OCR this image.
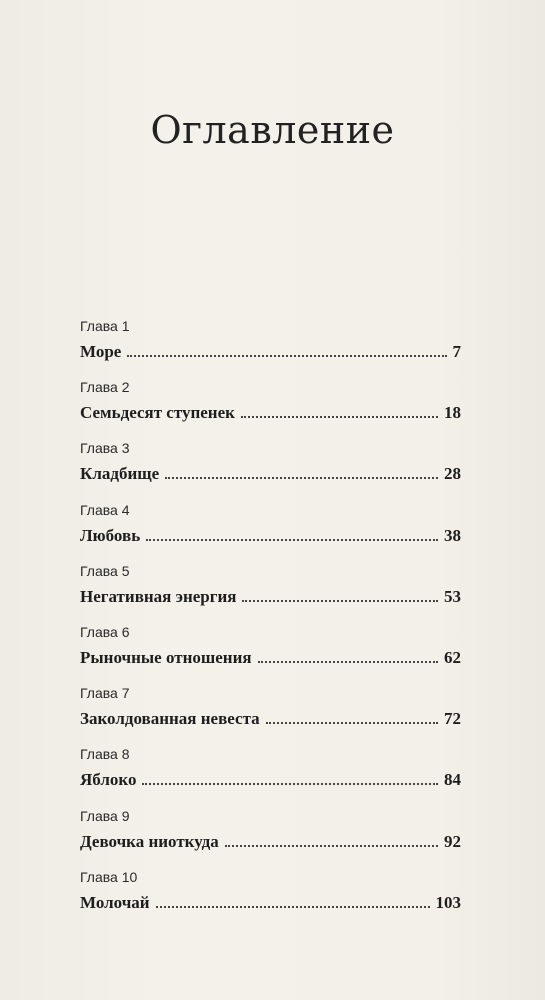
Оглавление
Глава 1
Море	7
Глава 2
Семьдесят ступенек	18
Глава 3
Кладбище	28
Глава 4
Любовь	38
Глава 5
Негативная энергия	53
Глава 6
Рыночные отношения	62
Глава 7
Заколдованная невеста	72
Глава 8
Яблоко	84
Глава 9
Девочка ниоткуда	92
Глава 10
Молочай	103
